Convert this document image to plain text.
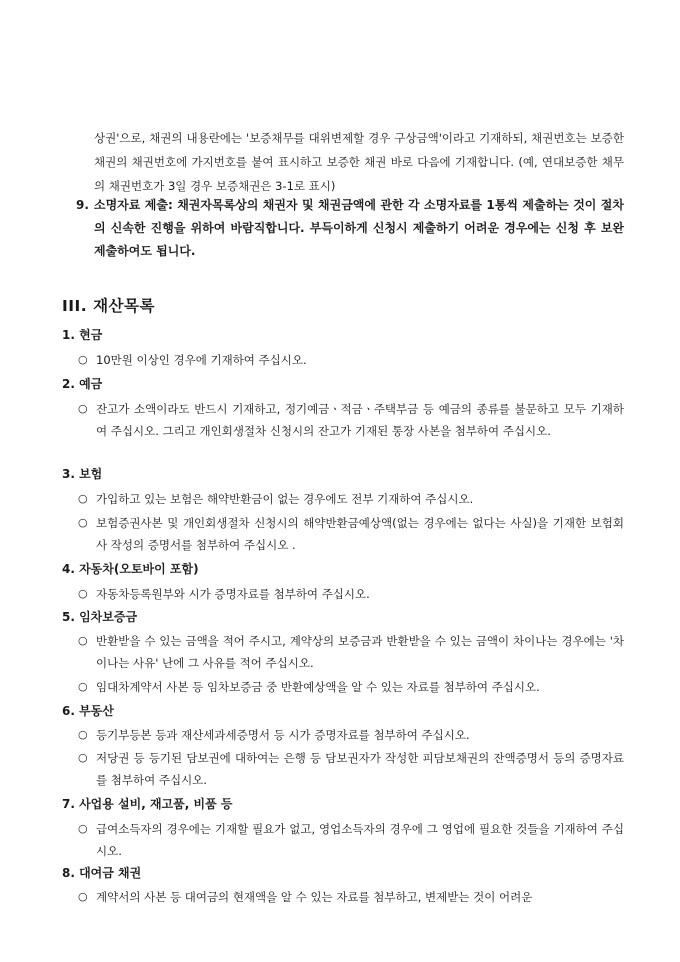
상권'으로, 채권의 내용란에는 '보증채무를 대위변제할 경우 구상금액'이라고 기재하되, 채권번호는 보증한 채권의 채권번호에 가지번호를 붙여 표시하고 보증한 채권 바로 다음에 기재합니다. (예, 연대보증한 채무의 채권번호가 3일 경우 보증채권은 3-1로 표시)
9. 소명자료 제출: 채권자목록상의 채권자 및 채권금액에 관한 각 소명자료를 1통씩 제출하는 것이 절차의 신속한 진행을 위하여 바람직합니다. 부득이하게 신청시 제출하기 어려운 경우에는 신청 후 보완 제출하여도 됩니다.
III. 재산목록
1. 현금
○ 10만원 이상인 경우에 기재하여 주십시오.
2. 예금
○ 잔고가 소액이라도 반드시 기재하고, 정기예금ㆍ적금ㆍ주택부금 등 예금의 종류를 불문하고 모두 기재하여 주십시오. 그리고 개인회생절차 신청시의 잔고가 기재된 통장 사본을 첨부하여 주십시오.
3. 보험
○ 가입하고 있는 보험은 해약반환금이 없는 경우에도 전부 기재하여 주십시오.
○ 보험증권사본 및 개인회생절차 신청시의 해약반환금예상액(없는 경우에는 없다는 사실)을 기재한 보험회사 작성의 증명서를 첨부하여 주십시오 .
4. 자동차(오토바이 포함)
○ 자동차등록원부와 시가 증명자료를 첨부하여 주십시오.
5. 임차보증금
○ 반환받을 수 있는 금액을 적어 주시고, 계약상의 보증금과 반환받을 수 있는 금액이 차이나는 경우에는 '차이나는 사유' 난에 그 사유를 적어 주십시오.
○ 임대차계약서 사본 등 임차보증금 중 반환예상액을 알 수 있는 자료를 첨부하여 주십시오.
6. 부동산
○ 등기부등본 등과 재산세과세증명서 등 시가 증명자료를 첨부하여 주십시오.
○ 저당권 등 등기된 담보권에 대하여는 은행 등 담보권자가 작성한 피담보채권의 잔액증명서 등의 증명자료를 첨부하여 주십시오.
7. 사업용 설비, 재고품, 비품 등
○ 급여소득자의 경우에는 기재할 필요가 없고, 영업소득자의 경우에 그 영업에 필요한 것들을 기재하여 주십시오.
8. 대여금 채권
○ 계약서의 사본 등 대여금의 현재액을 알 수 있는 자료를 첨부하고, 변제받는 것이 어려운
